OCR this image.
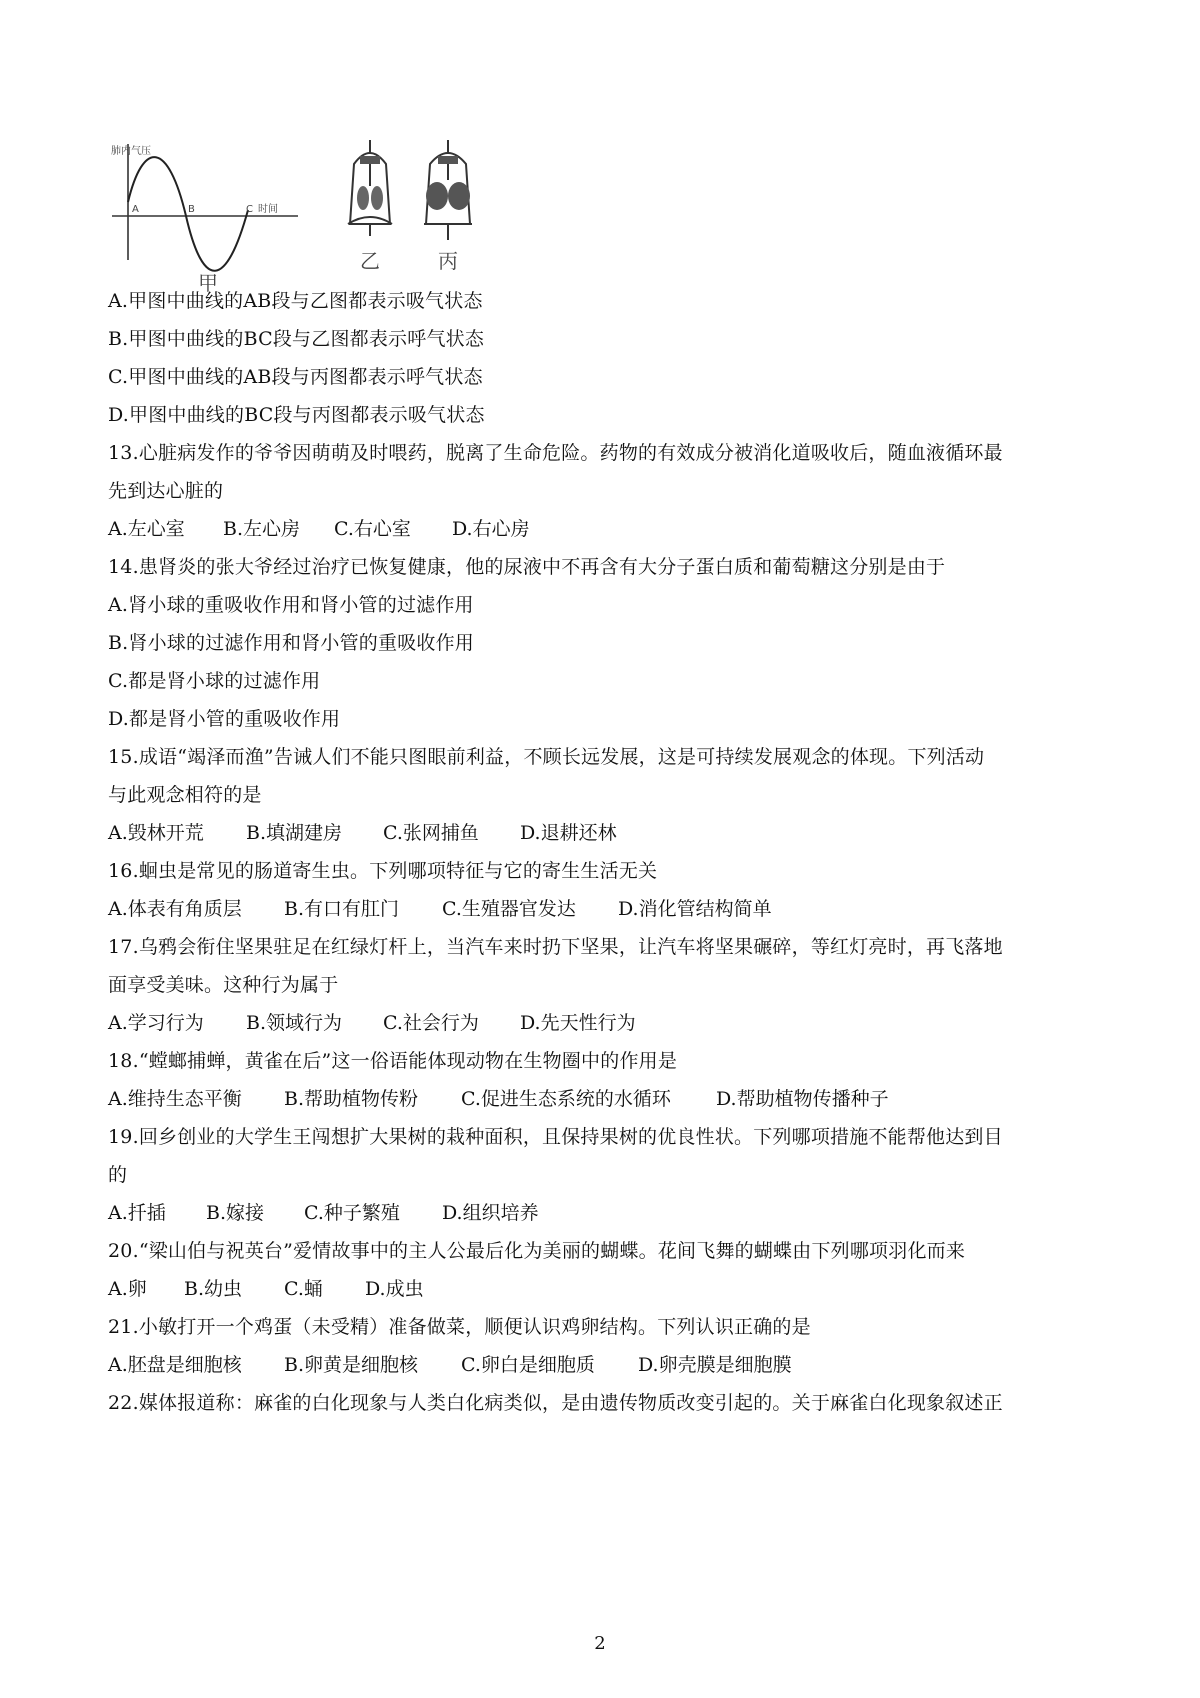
肺内气压
时间
A	B	C
乙	丙
甲
A.甲图中曲线的AB段与乙图都表示吸气状态
B.甲图中曲线的BC段与乙图都表示呼气状态
C.甲图中曲线的AB段与丙图都表示呼气状态
D.甲图中曲线的BC段与丙图都表示吸气状态
13.心脏病发作的爷爷因萌萌及时喂药，脱离了生命危险。药物的有效成分被消化道吸收后，随血液循环最
先到达心脏的
A.左心室 B.左心房 C.右心室 D.右心房
14.患肾炎的张大爷经过治疗已恢复健康，他的尿液中不再含有大分子蛋白质和葡萄糖这分别是由于
A.肾小球的重吸收作用和肾小管的过滤作用
B.肾小球的过滤作用和肾小管的重吸收作用
C.都是肾小球的过滤作用
D.都是肾小管的重吸收作用
15.成语“竭泽而渔”告诫人们不能只图眼前利益，不顾长远发展，这是可持续发展观念的体现。下列活动
与此观念相符的是
A.毁林开荒 B.填湖建房 C.张网捕鱼 D.退耕还林
16.蛔虫是常见的肠道寄生虫。下列哪项特征与它的寄生生活无关
A.体表有角质层 B.有口有肛门 C.生殖器官发达 D.消化管结构简单
17.乌鸦会衔住坚果驻足在红绿灯杆上，当汽车来时扔下坚果，让汽车将坚果碾碎，等红灯亮时，再飞落地
面享受美味。这种行为属于
A.学习行为 B.领域行为 C.社会行为 D.先天性行为
18.“螳螂捕蝉，黄雀在后”这一俗语能体现动物在生物圈中的作用是
A.维持生态平衡 B.帮助植物传粉 C.促进生态系统的水循环 D.帮助植物传播种子
19.回乡创业的大学生王闯想扩大果树的栽种面积，且保持果树的优良性状。下列哪项措施不能帮他达到目
的
A.扦插 B.嫁接 C.种子繁殖 D.组织培养
20.“梁山伯与祝英台”爱情故事中的主人公最后化为美丽的蝴蝶。花间飞舞的蝴蝶由下列哪项羽化而来
A.卵 B.幼虫 C.蛹 D.成虫
21.小敏打开一个鸡蛋（未受精）准备做菜，顺便认识鸡卵结构。下列认识正确的是
A.胚盘是细胞核 B.卵黄是细胞核 C.卵白是细胞质 D.卵壳膜是细胞膜
22.媒体报道称：麻雀的白化现象与人类白化病类似，是由遗传物质改变引起的。关于麻雀白化现象叙述正
2
